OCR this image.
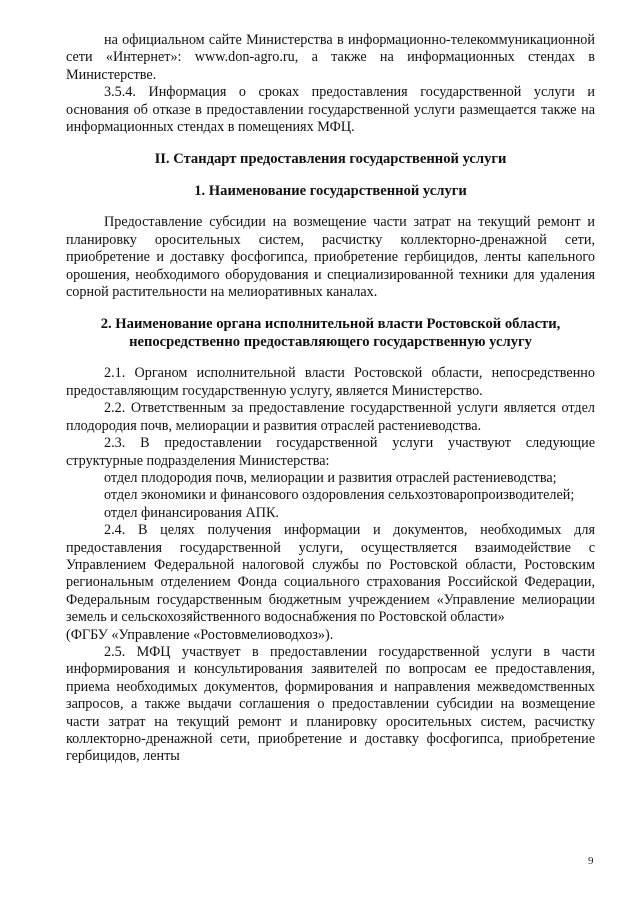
на официальном сайте Министерства в информационно-телекоммуникационной сети «Интернет»: www.don-agro.ru, а также на информационных стендах в Министерстве.

3.5.4. Информация о сроках предоставления государственной услуги и основания об отказе в предоставлении государственной услуги размещается также на информационных стендах в помещениях МФЦ.

II. Стандарт предоставления государственной услуги
1. Наименование государственной услуги

Предоставление субсидии на возмещение части затрат на текущий ремонт и планировку оросительных систем, расчистку коллекторно-дренажной сети, приобретение и доставку фосфогипса, приобретение гербицидов, ленты капельного орошения, необходимого оборудования и специализированной техники для удаления сорной растительности на мелиоративных каналах.

2. Наименование органа исполнительной власти Ростовской области,
непосредственно предоставляющего государственную услугу

2.1. Органом исполнительной власти Ростовской области, непосредственно предоставляющим государственную услугу, является Министерство.

2.2. Ответственным за предоставление государственной услуги является отдел плодородия почв, мелиорации и развития отраслей растениеводства.

2.3. В предоставлении государственной услуги участвуют следующие структурные подразделения Министерства:

отдел плодородия почв, мелиорации и развития отраслей растениеводства;

отдел экономики и финансового оздоровления сельхозтоваропроизводителей;

отдел финансирования АПК.

2.4. В целях получения информации и документов, необходимых для предоставления государственной услуги, осуществляется взаимодействие с Управлением Федеральной налоговой службы по Ростовской области, Ростовским региональным отделением Фонда социального страхования Российской Федерации, Федеральным государственным бюджетным учреждением «Управление мелиорации земель и сельскохозяйственного водоснабжения по Ростовской области»

(ФГБУ «Управление «Ростовмелиоводхоз»).

2.5. МФЦ участвует в предоставлении государственной услуги в части информирования и консультирования заявителей по вопросам ее предоставления, приема необходимых документов, формирования и направления межведомственных запросов, а также выдачи соглашения о предоставлении субсидии на возмещение части затрат на текущий ремонт и планировку оросительных систем, расчистку коллекторно-дренажной сети, приобретение и доставку фосфогипса, приобретение гербицидов, ленты

9
